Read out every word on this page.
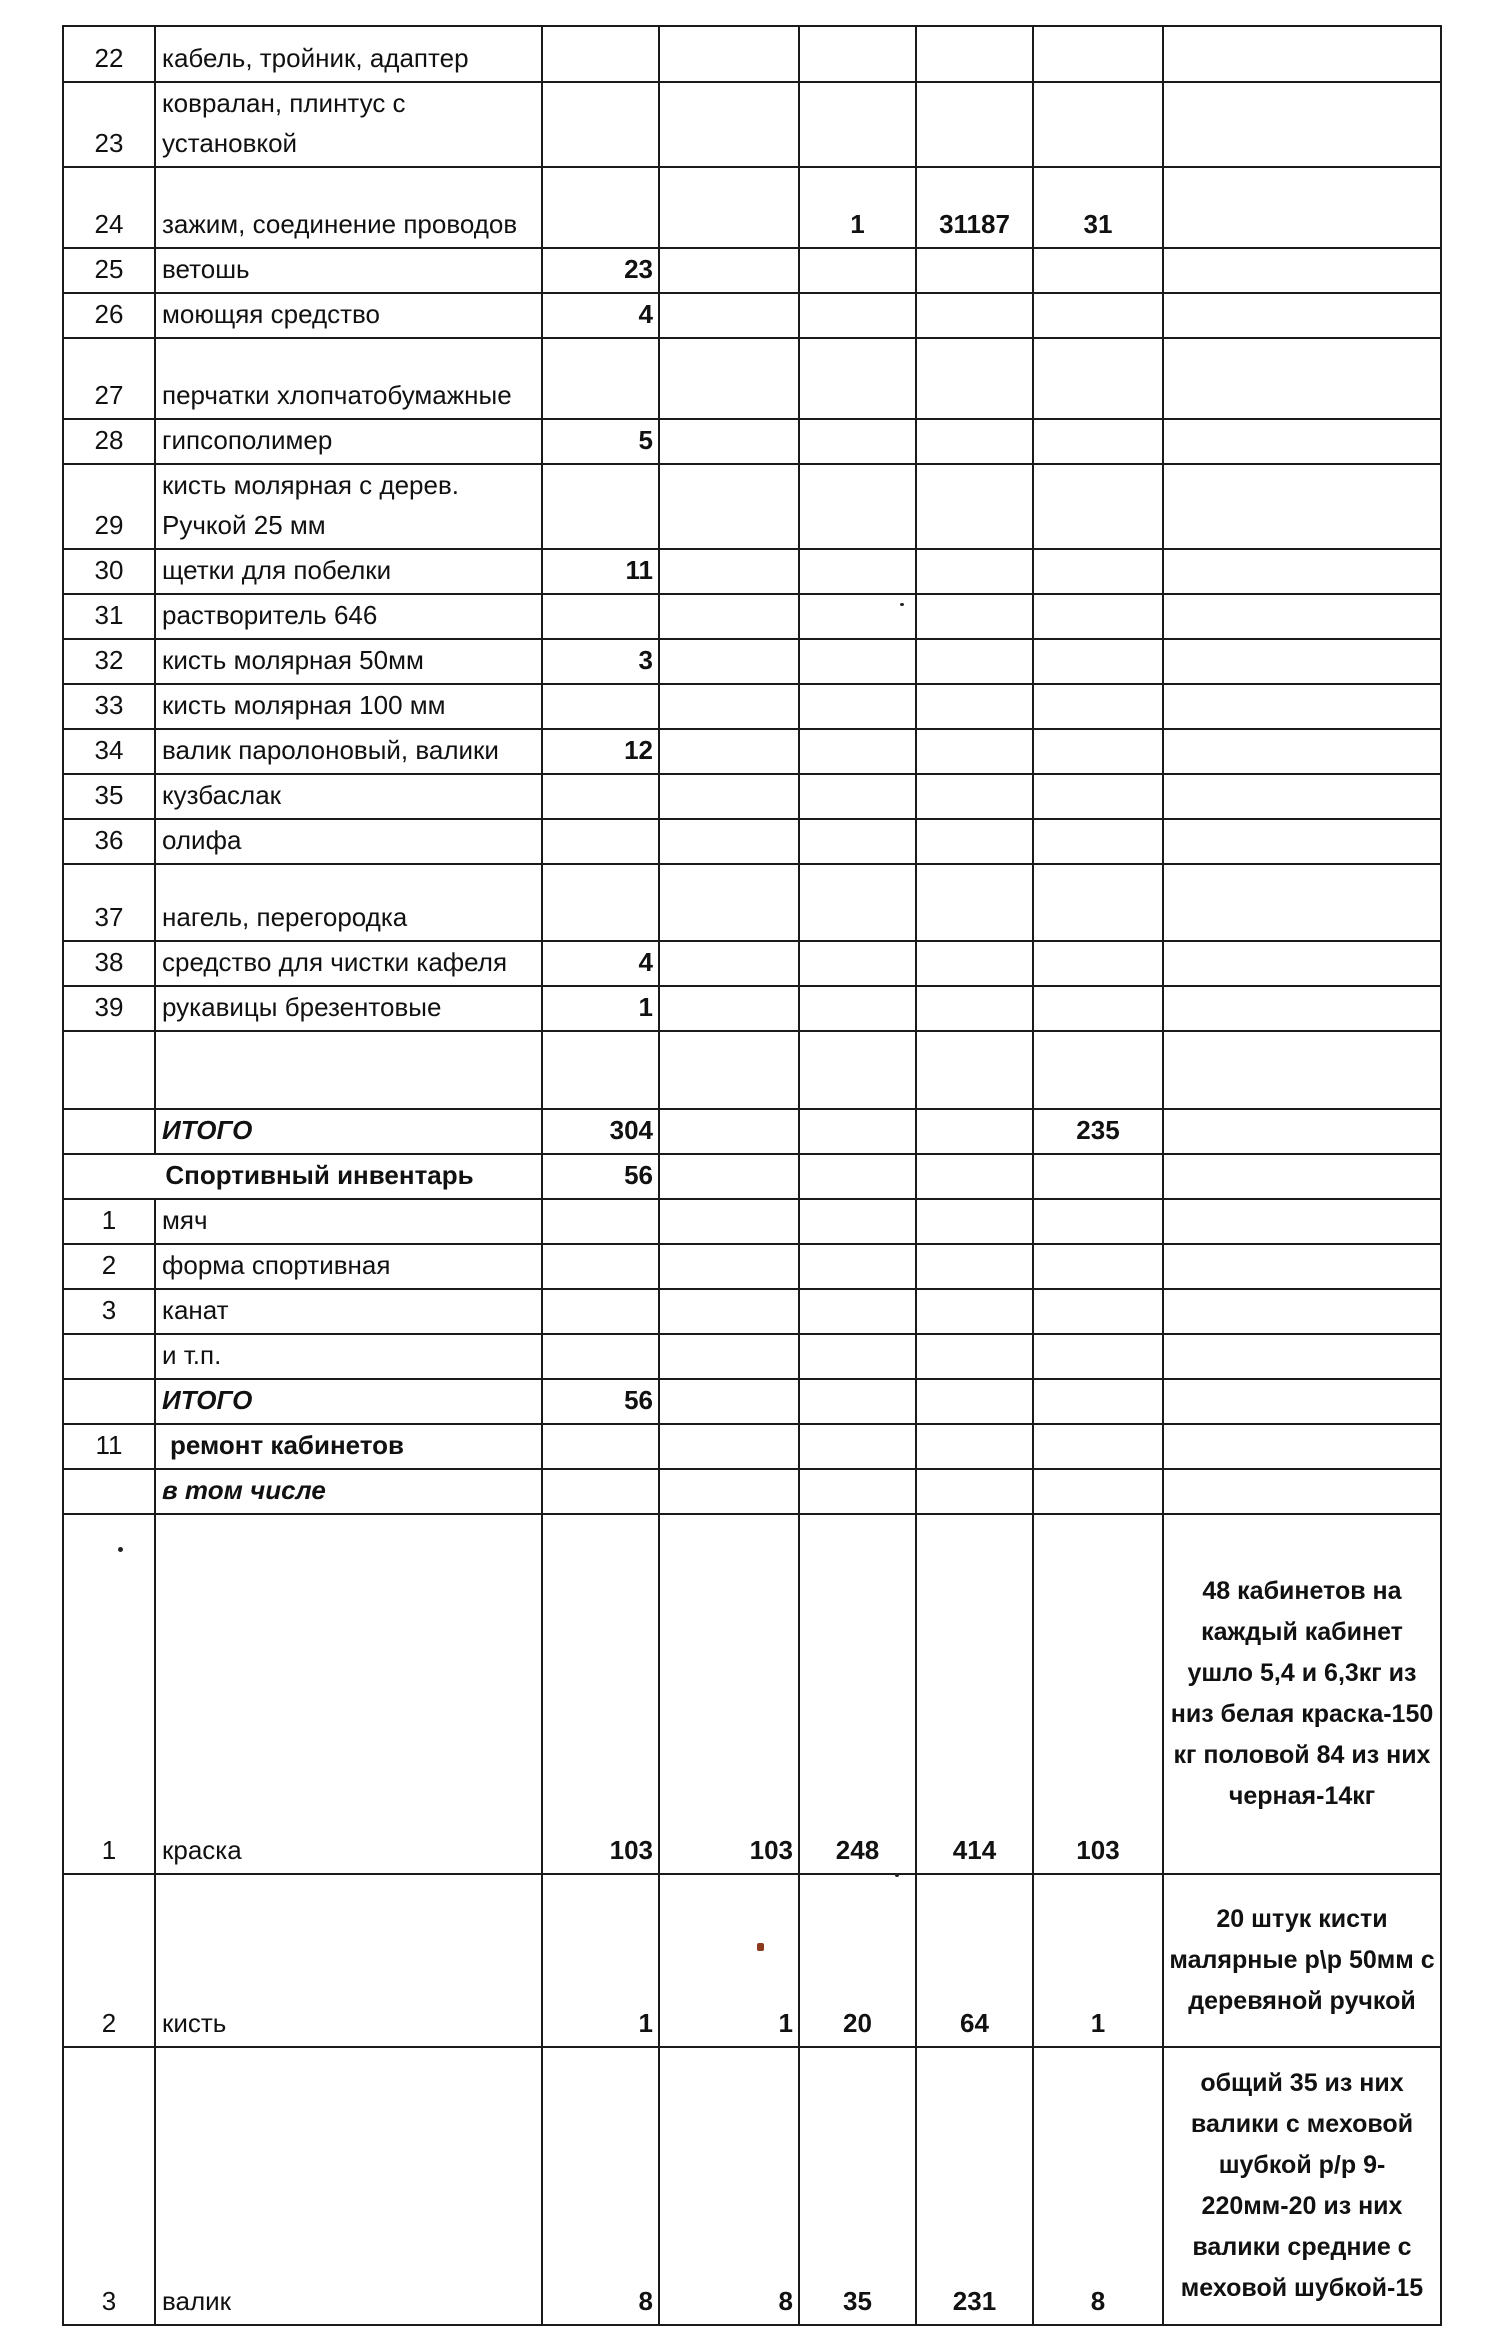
22	кабель, тройник, адаптер						
23	ковралан, плинтус с установкой						
24	зажим, соединение проводов			1	31187	31	
25	ветошь	23					
26	моющяя средство	4					
27	перчатки хлопчатобумажные						
28	гипсополимер	5					
29	кисть молярная с дерев. Ручкой 25 мм						
30	щетки для побелки	11					
31	растворитель 646						
32	кисть молярная 50мм	3					
33	кисть молярная 100 мм						
34	валик паролоновый, валики	12					
35	кузбаслак						
36	олифа						
37	нагель, перегородка						
38	средство для чистки кафеля	4					
39	рукавицы брезентовые	1					

	ИТОГО	304				235	
Спортивный инвентарь		56					
1	мяч						
2	форма спортивная						
3	канат						
	и т.п.						
	ИТОГО	56					
11	ремонт кабинетов						
	в том числе						
1	краска	103	103	248	414	103	48 кабинетов на каждый кабинет ушло 5,4 и 6,3кг из низ белая краска-150 кг половой 84 из них черная-14кг
2	кисть	1	1	20	64	1	20 штук кисти малярные р\р 50мм с деревяной ручкой
3	валик	8	8	35	231	8	общий 35 из них валики с меховой шубкой р/р 9-220мм-20 из них валики средние с меховой шубкой-15
